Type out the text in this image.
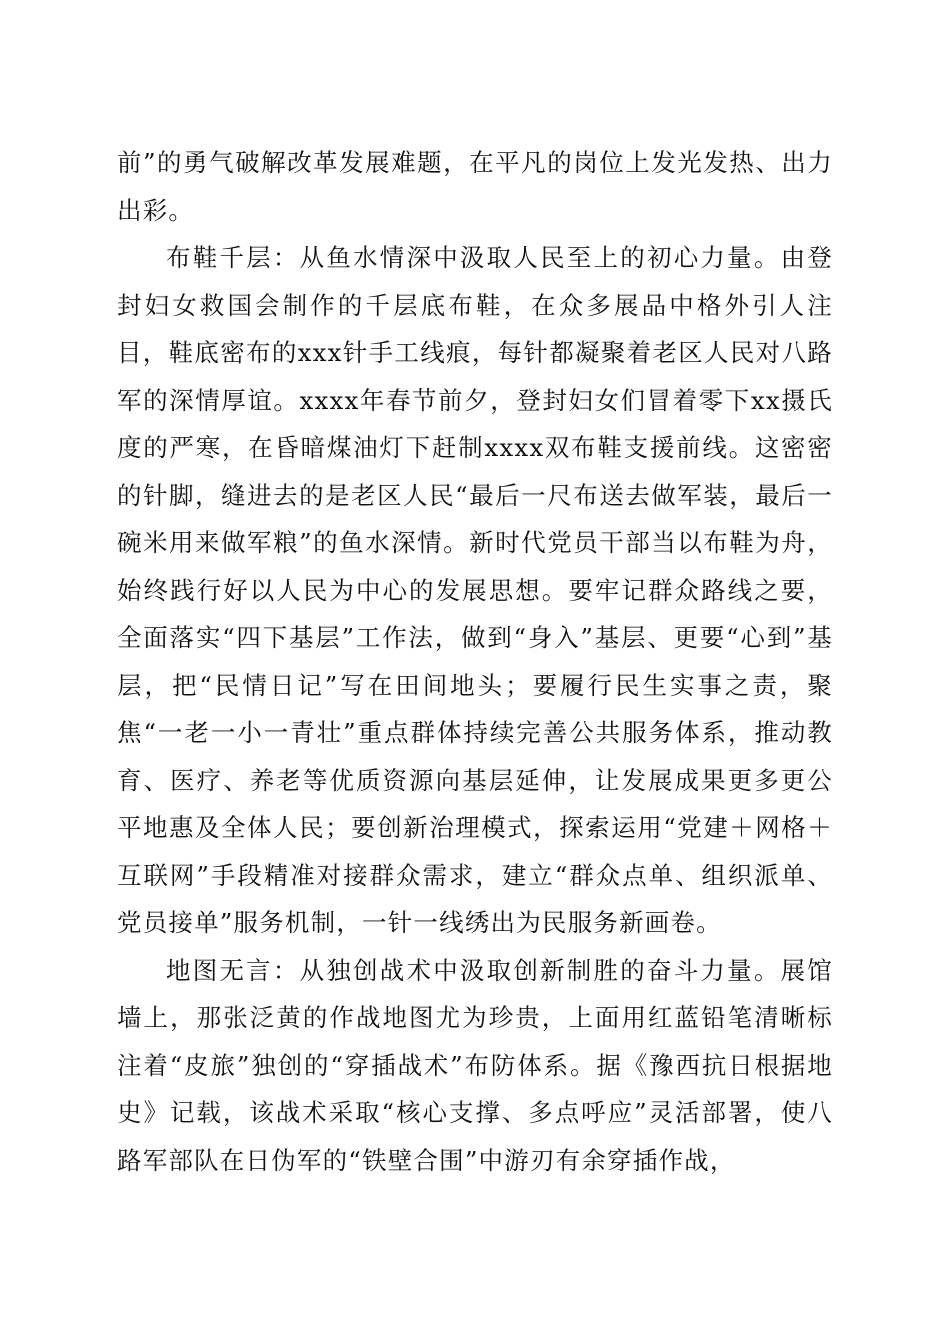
前”的勇气破解改革发展难题，在平凡的岗位上发光发热、出力出彩。

布鞋千层：从鱼水情深中汲取人民至上的初心力量。由登封妇女救国会制作的千层底布鞋，在众多展品中格外引人注目，鞋底密布的xxx针手工线痕，每针都凝聚着老区人民对八路军的深情厚谊。xxxx年春节前夕，登封妇女们冒着零下xx摄氏度的严寒，在昏暗煤油灯下赶制xxxx双布鞋支援前线。这密密的针脚，缝进去的是老区人民“最后一尺布送去做军装，最后一碗米用来做军粮”的鱼水深情。新时代党员干部当以布鞋为舟，始终践行好以人民为中心的发展思想。要牢记群众路线之要，全面落实“四下基层”工作法，做到“身入”基层、更要“心到”基层，把“民情日记”写在田间地头；要履行民生实事之责，聚焦“一老一小一青壮”重点群体持续完善公共服务体系，推动教育、医疗、养老等优质资源向基层延伸，让发展成果更多更公平地惠及全体人民；要创新治理模式，探索运用“党建＋网格＋互联网”手段精准对接群众需求，建立“群众点单、组织派单、党员接单”服务机制，一针一线绣出为民服务新画卷。

地图无言：从独创战术中汲取创新制胜的奋斗力量。展馆墙上，那张泛黄的作战地图尤为珍贵，上面用红蓝铅笔清晰标注着“皮旅”独创的“穿插战术”布防体系。据《豫西抗日根据地史》记载，该战术采取“核心支撑、多点呼应”灵活部署，使八路军部队在日伪军的“铁壁合围”中游刃有余穿插作战，
